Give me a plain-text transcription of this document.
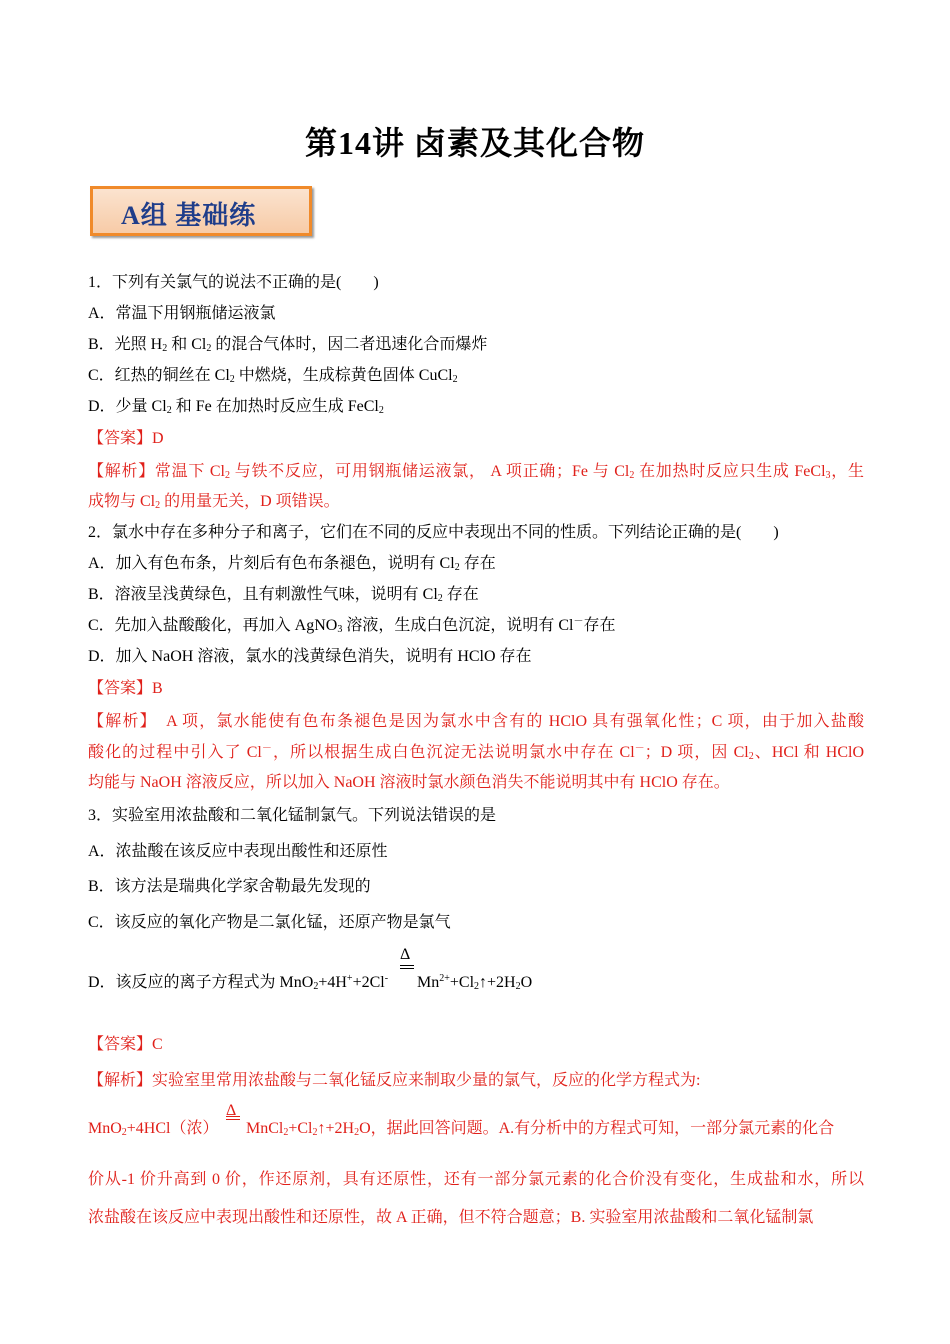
第14讲 卤素及其化合物
A组 基础练
1．下列有关氯气的说法不正确的是(　　)
A．常温下用钢瓶储运液氯
B．光照 $H_2$ 和 $Cl_2$ 的混合气体时，因二者迅速化合而爆炸
C．红热的铜丝在 $Cl_2$ 中燃烧，生成棕黄色固体 CuCl$_2$
D．少量 $Cl_2$ 和 Fe 在加热时反应生成 FeCl$_2$
【答案】D
【解析】常温下 $Cl_2$ 与铁不反应，可用钢瓶储运液氯， A 项正确；Fe 与 $Cl_2$ 在加热时反应只生成 FeCl$_3$，生
成物与 $Cl_2$ 的用量无关，D 项错误。
2．氯水中存在多种分子和离子，它们在不同的反应中表现出不同的性质。下列结论正确的是(　　)
A．加入有色布条，片刻后有色布条褪色，说明有 $Cl_2$ 存在
B．溶液呈浅黄绿色，且有刺激性气味，说明有 $Cl_2$ 存在
C．先加入盐酸酸化，再加入 AgNO$_3$ 溶液，生成白色沉淀，说明有 Cl－存在
D．加入 NaOH 溶液，氯水的浅黄绿色消失，说明有 HClO 存在
【答案】B
【解析】　A 项，氯水能使有色布条褪色是因为氯水中含有的 HClO 具有强氧化性；C 项，由于加入盐酸
酸化的过程中引入了 Cl－，所以根据生成白色沉淀无法说明氯水中存在 Cl－；D 项，因 $Cl_2$、HCl 和 HClO
均能与 NaOH 溶液反应，所以加入 NaOH 溶液时氯水颜色消失不能说明其中有 HClO 存在。
3．实验室用浓盐酸和二氧化锰制氯气。下列说法错误的是
A．浓盐酸在该反应中表现出酸性和还原性
B．该方法是瑞典化学家舍勒最先发现的
C．该反应的氧化产物是二氯化锰，还原产物是氯气
Δ
D．该反应的离子方程式为 MnO$_2$+4H++2Cl- $Mn^{2+}+Cl_2↑+2H_2O$
【答案】C
【解析】实验室里常用浓盐酸与二氧化锰反应来制取少量的氯气，反应的化学方程式为:
Δ
MnO$_2$+4HCl（浓） $MnCl_2+Cl_2↑+2H_2O$，据此回答问题。A.有分析中的方程式可知，一部分氯元素的化合
价从-1 价升高到 0 价，作还原剂，具有还原性，还有一部分氯元素的化合价没有变化，生成盐和水，所以
浓盐酸在该反应中表现出酸性和还原性，故 A 正确，但不符合题意；B. 实验室用浓盐酸和二氧化锰制氯
